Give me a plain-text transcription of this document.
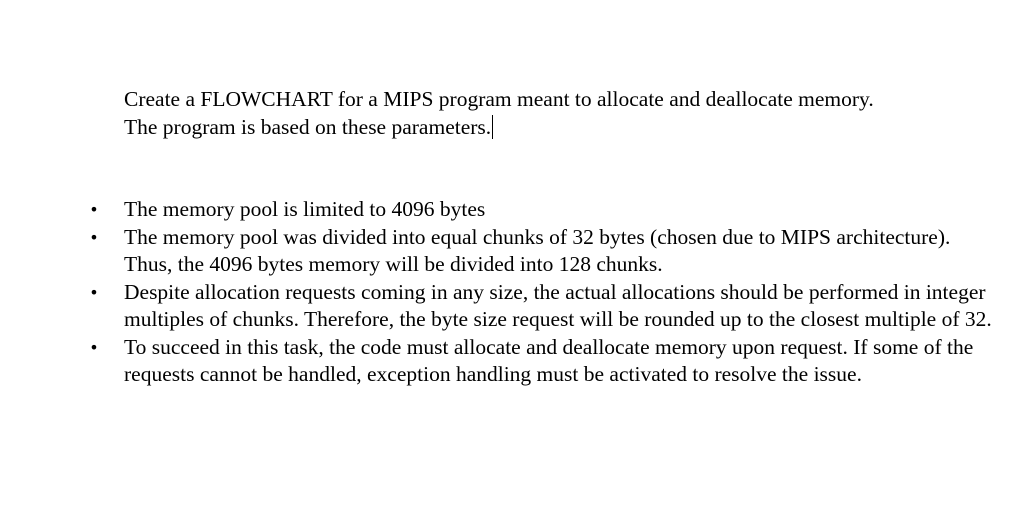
Create a FLOWCHART for a MIPS program meant to allocate and deallocate memory.
The program is based on these parameters.

• The memory pool is limited to 4096 bytes
• The memory pool was divided into equal chunks of 32 bytes (chosen due to MIPS architecture). Thus, the 4096 bytes memory will be divided into 128 chunks.
• Despite allocation requests coming in any size, the actual allocations should be performed in integer multiples of chunks. Therefore, the byte size request will be rounded up to the closest multiple of 32.
• To succeed in this task, the code must allocate and deallocate memory upon request. If some of the requests cannot be handled, exception handling must be activated to resolve the issue.
